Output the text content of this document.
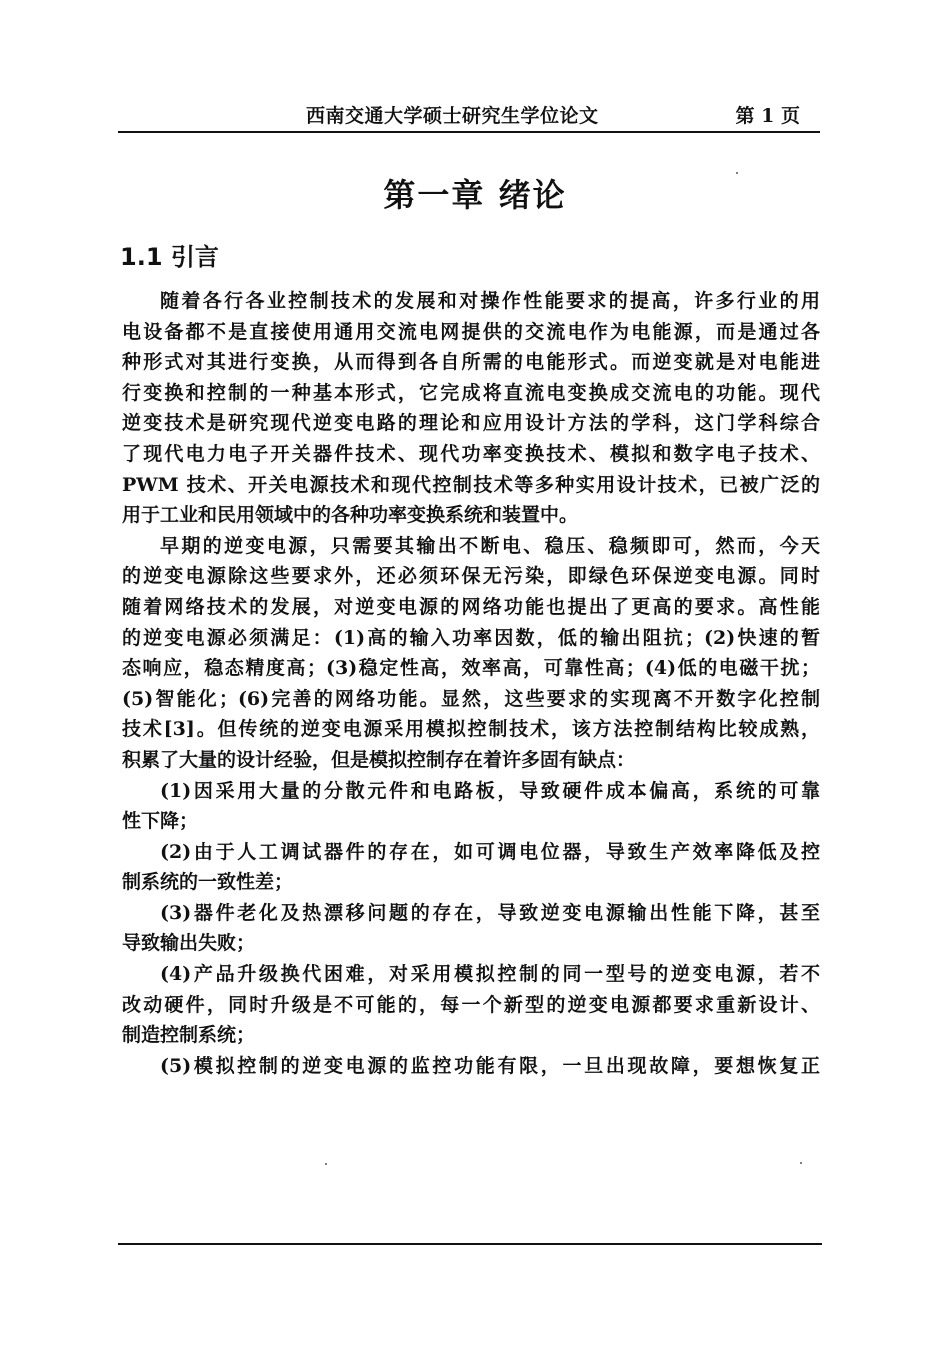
西南交通大学硕士研究生学位论文	第 1 页
第一章 绪论
1.1 引言
随着各行各业控制技术的发展和对操作性能要求的提高，许多行业的用
电设备都不是直接使用通用交流电网提供的交流电作为电能源，而是通过各
种形式对其进行变换，从而得到各自所需的电能形式。而逆变就是对电能进
行变换和控制的一种基本形式，它完成将直流电变换成交流电的功能。现代
逆变技术是研究现代逆变电路的理论和应用设计方法的学科，这门学科综合
了现代电力电子开关器件技术、现代功率变换技术、模拟和数字电子技术、
PWM 技术、开关电源技术和现代控制技术等多种实用设计技术，已被广泛的
用于工业和民用领域中的各种功率变换系统和装置中。
早期的逆变电源，只需要其输出不断电、稳压、稳频即可，然而，今天
的逆变电源除这些要求外，还必须环保无污染，即绿色环保逆变电源。同时
随着网络技术的发展，对逆变电源的网络功能也提出了更高的要求。高性能
的逆变电源必须满足：(1)高的输入功率因数，低的输出阻抗；(2)快速的暂
态响应，稳态精度高；(3)稳定性高，效率高，可靠性高；(4)低的电磁干扰；
(5)智能化；(6)完善的网络功能。显然，这些要求的实现离不开数字化控制
技术[3]。但传统的逆变电源采用模拟控制技术，该方法控制结构比较成熟，
积累了大量的设计经验，但是模拟控制存在着许多固有缺点：
(1)因采用大量的分散元件和电路板，导致硬件成本偏高，系统的可靠
性下降；
(2)由于人工调试器件的存在，如可调电位器，导致生产效率降低及控
制系统的一致性差；
(3)器件老化及热漂移问题的存在，导致逆变电源输出性能下降，甚至
导致输出失败；
(4)产品升级换代困难，对采用模拟控制的同一型号的逆变电源，若不
改动硬件，同时升级是不可能的，每一个新型的逆变电源都要求重新设计、
制造控制系统；
(5)模拟控制的逆变电源的监控功能有限，一旦出现故障，要想恢复正
